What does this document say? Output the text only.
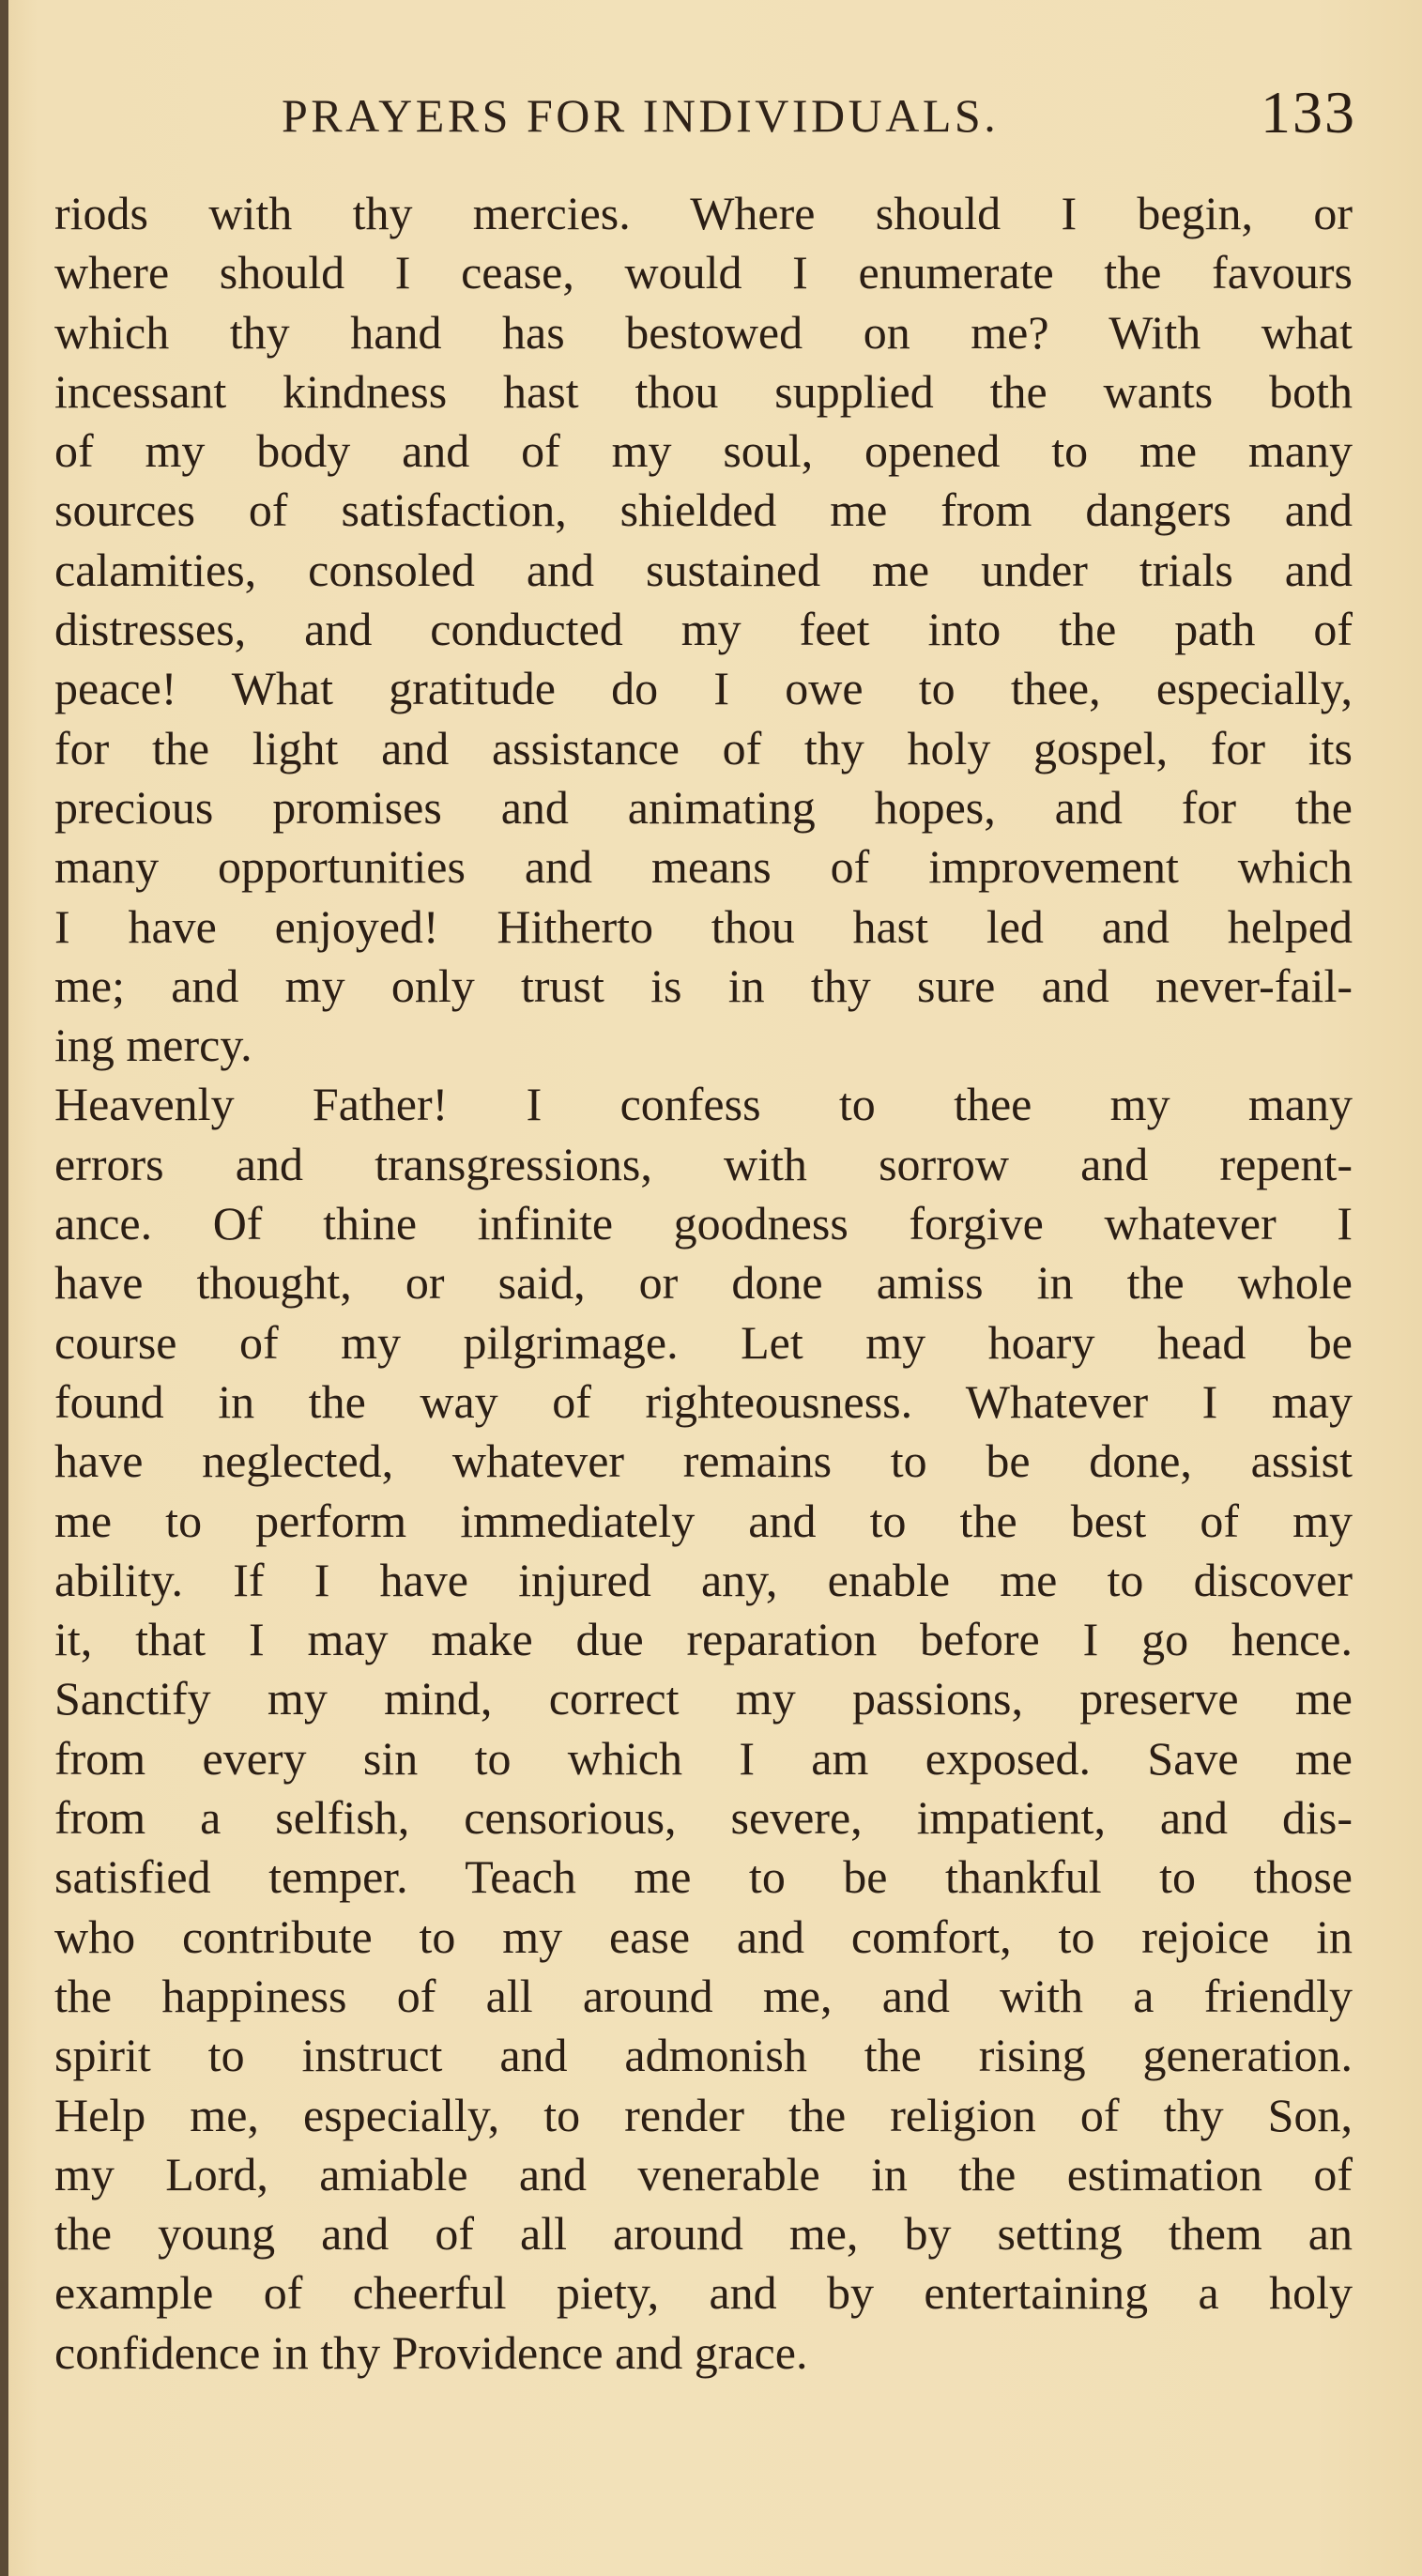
PRAYERS FOR INDIVIDUALS.	133
riods with thy mercies. Where should I begin, or
where should I cease, would I enumerate the favours
which thy hand has bestowed on me? With what
incessant kindness hast thou supplied the wants both
of my body and of my soul, opened to me many
sources of satisfaction, shielded me from dangers and
calamities, consoled and sustained me under trials and
distresses, and conducted my feet into the path of
peace! What gratitude do I owe to thee, especially,
for the light and assistance of thy holy gospel, for its
precious promises and animating hopes, and for the
many opportunities and means of improvement which
I have enjoyed! Hitherto thou hast led and helped
me; and my only trust is in thy sure and never-fail-
ing mercy.
Heavenly Father! I confess to thee my many
errors and transgressions, with sorrow and repent-
ance. Of thine infinite goodness forgive whatever I
have thought, or said, or done amiss in the whole
course of my pilgrimage. Let my hoary head be
found in the way of righteousness. Whatever I may
have neglected, whatever remains to be done, assist
me to perform immediately and to the best of my
ability. If I have injured any, enable me to discover
it, that I may make due reparation before I go hence.
Sanctify my mind, correct my passions, preserve me
from every sin to which I am exposed. Save me
from a selfish, censorious, severe, impatient, and dis-
satisfied temper. Teach me to be thankful to those
who contribute to my ease and comfort, to rejoice in
the happiness of all around me, and with a friendly
spirit to instruct and admonish the rising generation.
Help me, especially, to render the religion of thy Son,
my Lord, amiable and venerable in the estimation of
the young and of all around me, by setting them an
example of cheerful piety, and by entertaining a holy
confidence in thy Providence and grace.
